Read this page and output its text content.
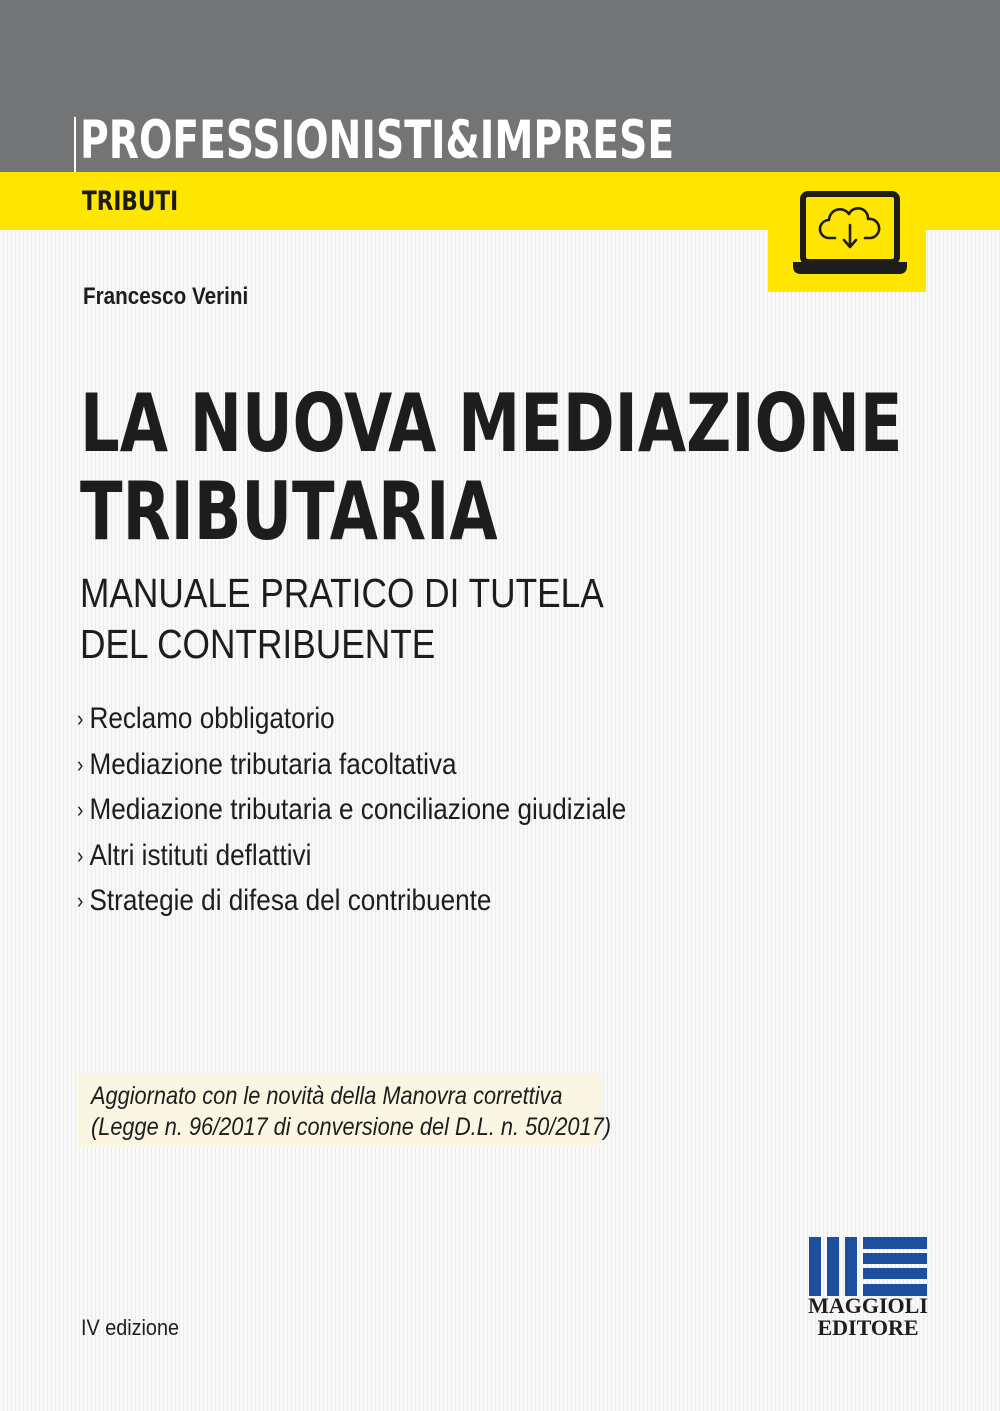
PROFESSIONISTI&IMPRESE
TRIBUTI
Francesco Verini
LA NUOVA MEDIAZIONE
TRIBUTARIA
MANUALE PRATICO DI TUTELA
DEL CONTRIBUENTE
› Reclamo obbligatorio
› Mediazione tributaria facoltativa
› Mediazione tributaria e conciliazione giudiziale
› Altri istituti deflattivi
› Strategie di difesa del contribuente
Aggiornato con le novità della Manovra correttiva
(Legge n. 96/2017 di conversione del D.L. n. 50/2017)
IV edizione
MAGGIOLI
EDITORE
